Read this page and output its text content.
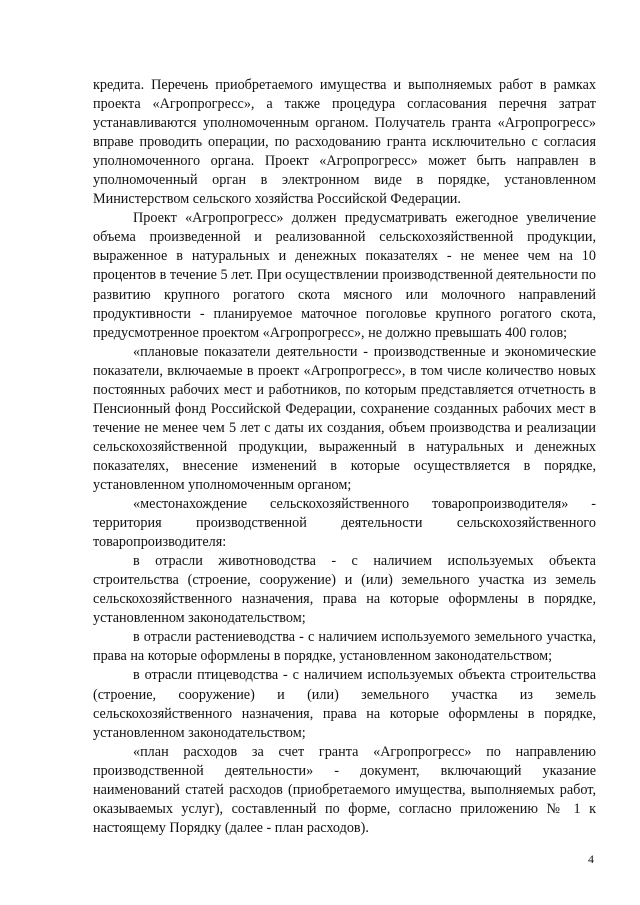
кредита. Перечень приобретаемого имущества и выполняемых работ в рамках проекта «Агропрогресс», а также процедура согласования перечня затрат устанавливаются уполномоченным органом. Получатель гранта «Агропрогресс» вправе проводить операции, по расходованию гранта исключительно с согласия уполномоченного органа. Проект «Агропрогресс» может быть направлен в уполномоченный орган в электронном виде в порядке, установленном Министерством сельского хозяйства Российской Федерации.

Проект «Агропрогресс» должен предусматривать ежегодное увеличение объема произведенной и реализованной сельскохозяйственной продукции, выраженное в натуральных и денежных показателях - не менее чем на 10 процентов в течение 5 лет. При осуществлении производственной деятельности по развитию крупного рогатого скота мясного или молочного направлений продуктивности - планируемое маточное поголовье крупного рогатого скота, предусмотренное проектом «Агропрогресс», не должно превышать 400 голов;

«плановые показатели деятельности - производственные и экономические показатели, включаемые в проект «Агропрогресс», в том числе количество новых постоянных рабочих мест и работников, по которым представляется отчетность в Пенсионный фонд Российской Федерации, сохранение созданных рабочих мест в течение не менее чем 5 лет с даты их создания, объем производства и реализации сельскохозяйственной продукции, выраженный в натуральных и денежных показателях, внесение изменений в которые осуществляется в порядке, установленном уполномоченным органом;

«местонахождение сельскохозяйственного товаропроизводителя» - территория производственной деятельности сельскохозяйственного товаропроизводителя:

в отрасли животноводства - с наличием используемых объекта строительства (строение, сооружение) и (или) земельного участка из земель сельскохозяйственного назначения, права на которые оформлены в порядке, установленном законодательством;

в отрасли растениеводства - с наличием используемого земельного участка, права на которые оформлены в порядке, установленном законодательством;

в отрасли птицеводства - с наличием используемых объекта строительства (строение, сооружение) и (или) земельного участка из земель сельскохозяйственного назначения, права на которые оформлены в порядке, установленном законодательством;

«план расходов за счет гранта «Агропрогресс» по направлению производственной деятельности» - документ, включающий указание наименований статей расходов (приобретаемого имущества, выполняемых работ, оказываемых услуг), составленный по форме, согласно приложению № 1 к настоящему Порядку (далее - план расходов).

4
